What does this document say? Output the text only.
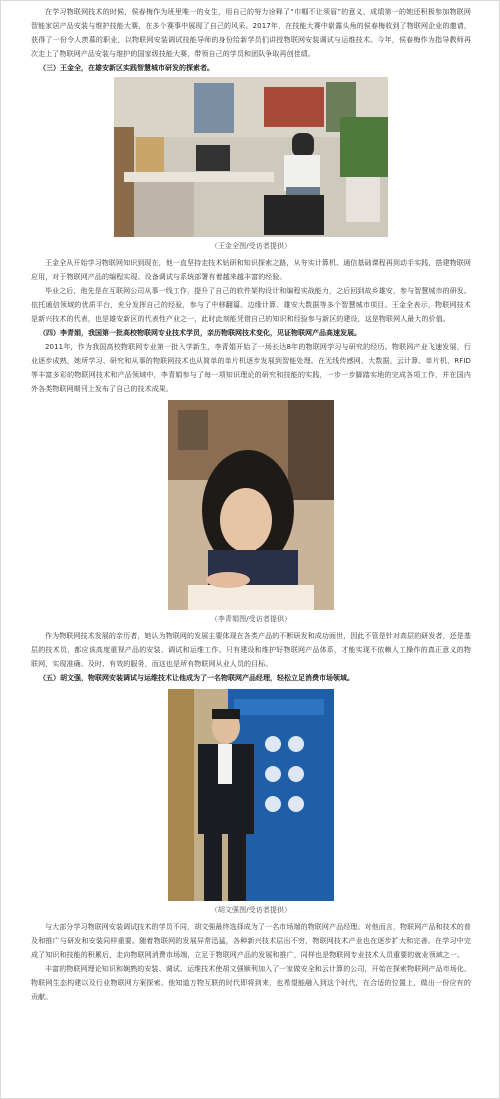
在学习物联网技术的时候，侯春梅作为班里唯一的女生，用自己的努力诠释了“巾帼不让须眉”的意义，成绩第一的她还积极参加物联网智能家居产品安装与维护技能大赛，在多个赛事中展现了自己的风采。2017年，在技能大赛中崭露头角的侯春梅收到了物联网企业的邀请，获得了一份令人羡慕的职业，以物联网安装调试技能导师的身份给新学员们讲授物联网安装调试与运维技术。今年，侯春梅作为指导教师再次走上了物联网产品安装与维护的国家级技能大赛，带领自己的学员和团队争取再创佳绩。

（三）王金全，在雄安新区实践智慧城市研发的探索者。

（王金全图/受访者提供）

王金全从开始学习物联网知识到现在，他一直坚持走技术钻研和知识探索之路，从夯实计算机、通信基础课程再到动手实践，搭建物联网应用，对于物联网产品的编程实现、设备调试与系统部署有着越来越丰富的经验。

毕业之后，他先是在互联网公司从事一线工作，提升了自己的软件架构设计和编程实战能力，之后回到故乡雄安，参与智慧城市的研发。依托通信领域的优质平台，充分发挥自己的经验，参与了中移翻篇、边缘计算、雄安大数据等多个智慧城市项目。王金全表示，物联网技术是新兴技术的代表，也是雄安新区的代表性产业之一，此时此刻能凭借自己的知识和经验参与新区的建设，这是物联网人最大的价值。

（四）李青娟，我国第一批高校物联网专业技术学员，亲历物联网技术变化，见证物联网产品高速发展。

2011年，作为我国高校物联网专业第一批入学新生，李青娟开始了一场长达8年的物联网学习与研究的经历。物联网产业飞速发展，行业逐步成熟，她所学习、研究和从事的物联网技术也从简单的单片机逐步发展到智能处理。在无线传感网、大数据、云计算、单片机、RFID等丰富多彩的物联网技术和产品领域中，李青娟参与了每一项知识理论的研究和技能的实践，一步一步脚踏实地的完成各项工作，并在国内外各类物联网期刊上发布了自己的技术成果。

（李青娟图/受访者提供）

作为物联网技术发展的亲历者，她认为物联网的发展主要体现在各类产品的不断研发和成功面世，因此不管是针对高层的研发者，还是基层的技术员，都应该高度重视产品的安装、调试和运维工作。只有建设和维护好物联网产品体系，才能实现不依赖人工操作的真正意义的物联网，实现准确、及时、有效的服务，而这也是所有物联网从业人员的目标。

（五）胡文强，物联网安装调试与运维技术让他成为了一名物联网产品经理，轻松立足消费市场领域。

（胡文强图/受访者提供）

与大部分学习物联网安装调试技术的学员不同，胡文强最终选择成为了一名市场端的物联网产品经理。对他而言，物联网产品和技术的普及和推广与研发和安装同样重要。随着物联网的发展异常迅猛，各种新兴技术层出不穷，物联网技术产业也在逐步扩大和完善。在学习中完成了知识和技能的积累后，走向物联网消费市场端，立足于物联网产品的发展和推广，同样也是物联网专业技术人员重要的就业领域之一。

丰富的物联网理论知识和娴熟的安装、调试、运维技术使胡文强顺利加入了一家做安全和云计算的公司，开始在探索物联网产品市场化、物联网生态构建以及行业物联网方案探索。他知道万物互联的时代即将到来，也希望能融入到这个时代，在合适的位置上，做出一份应有的贡献。
